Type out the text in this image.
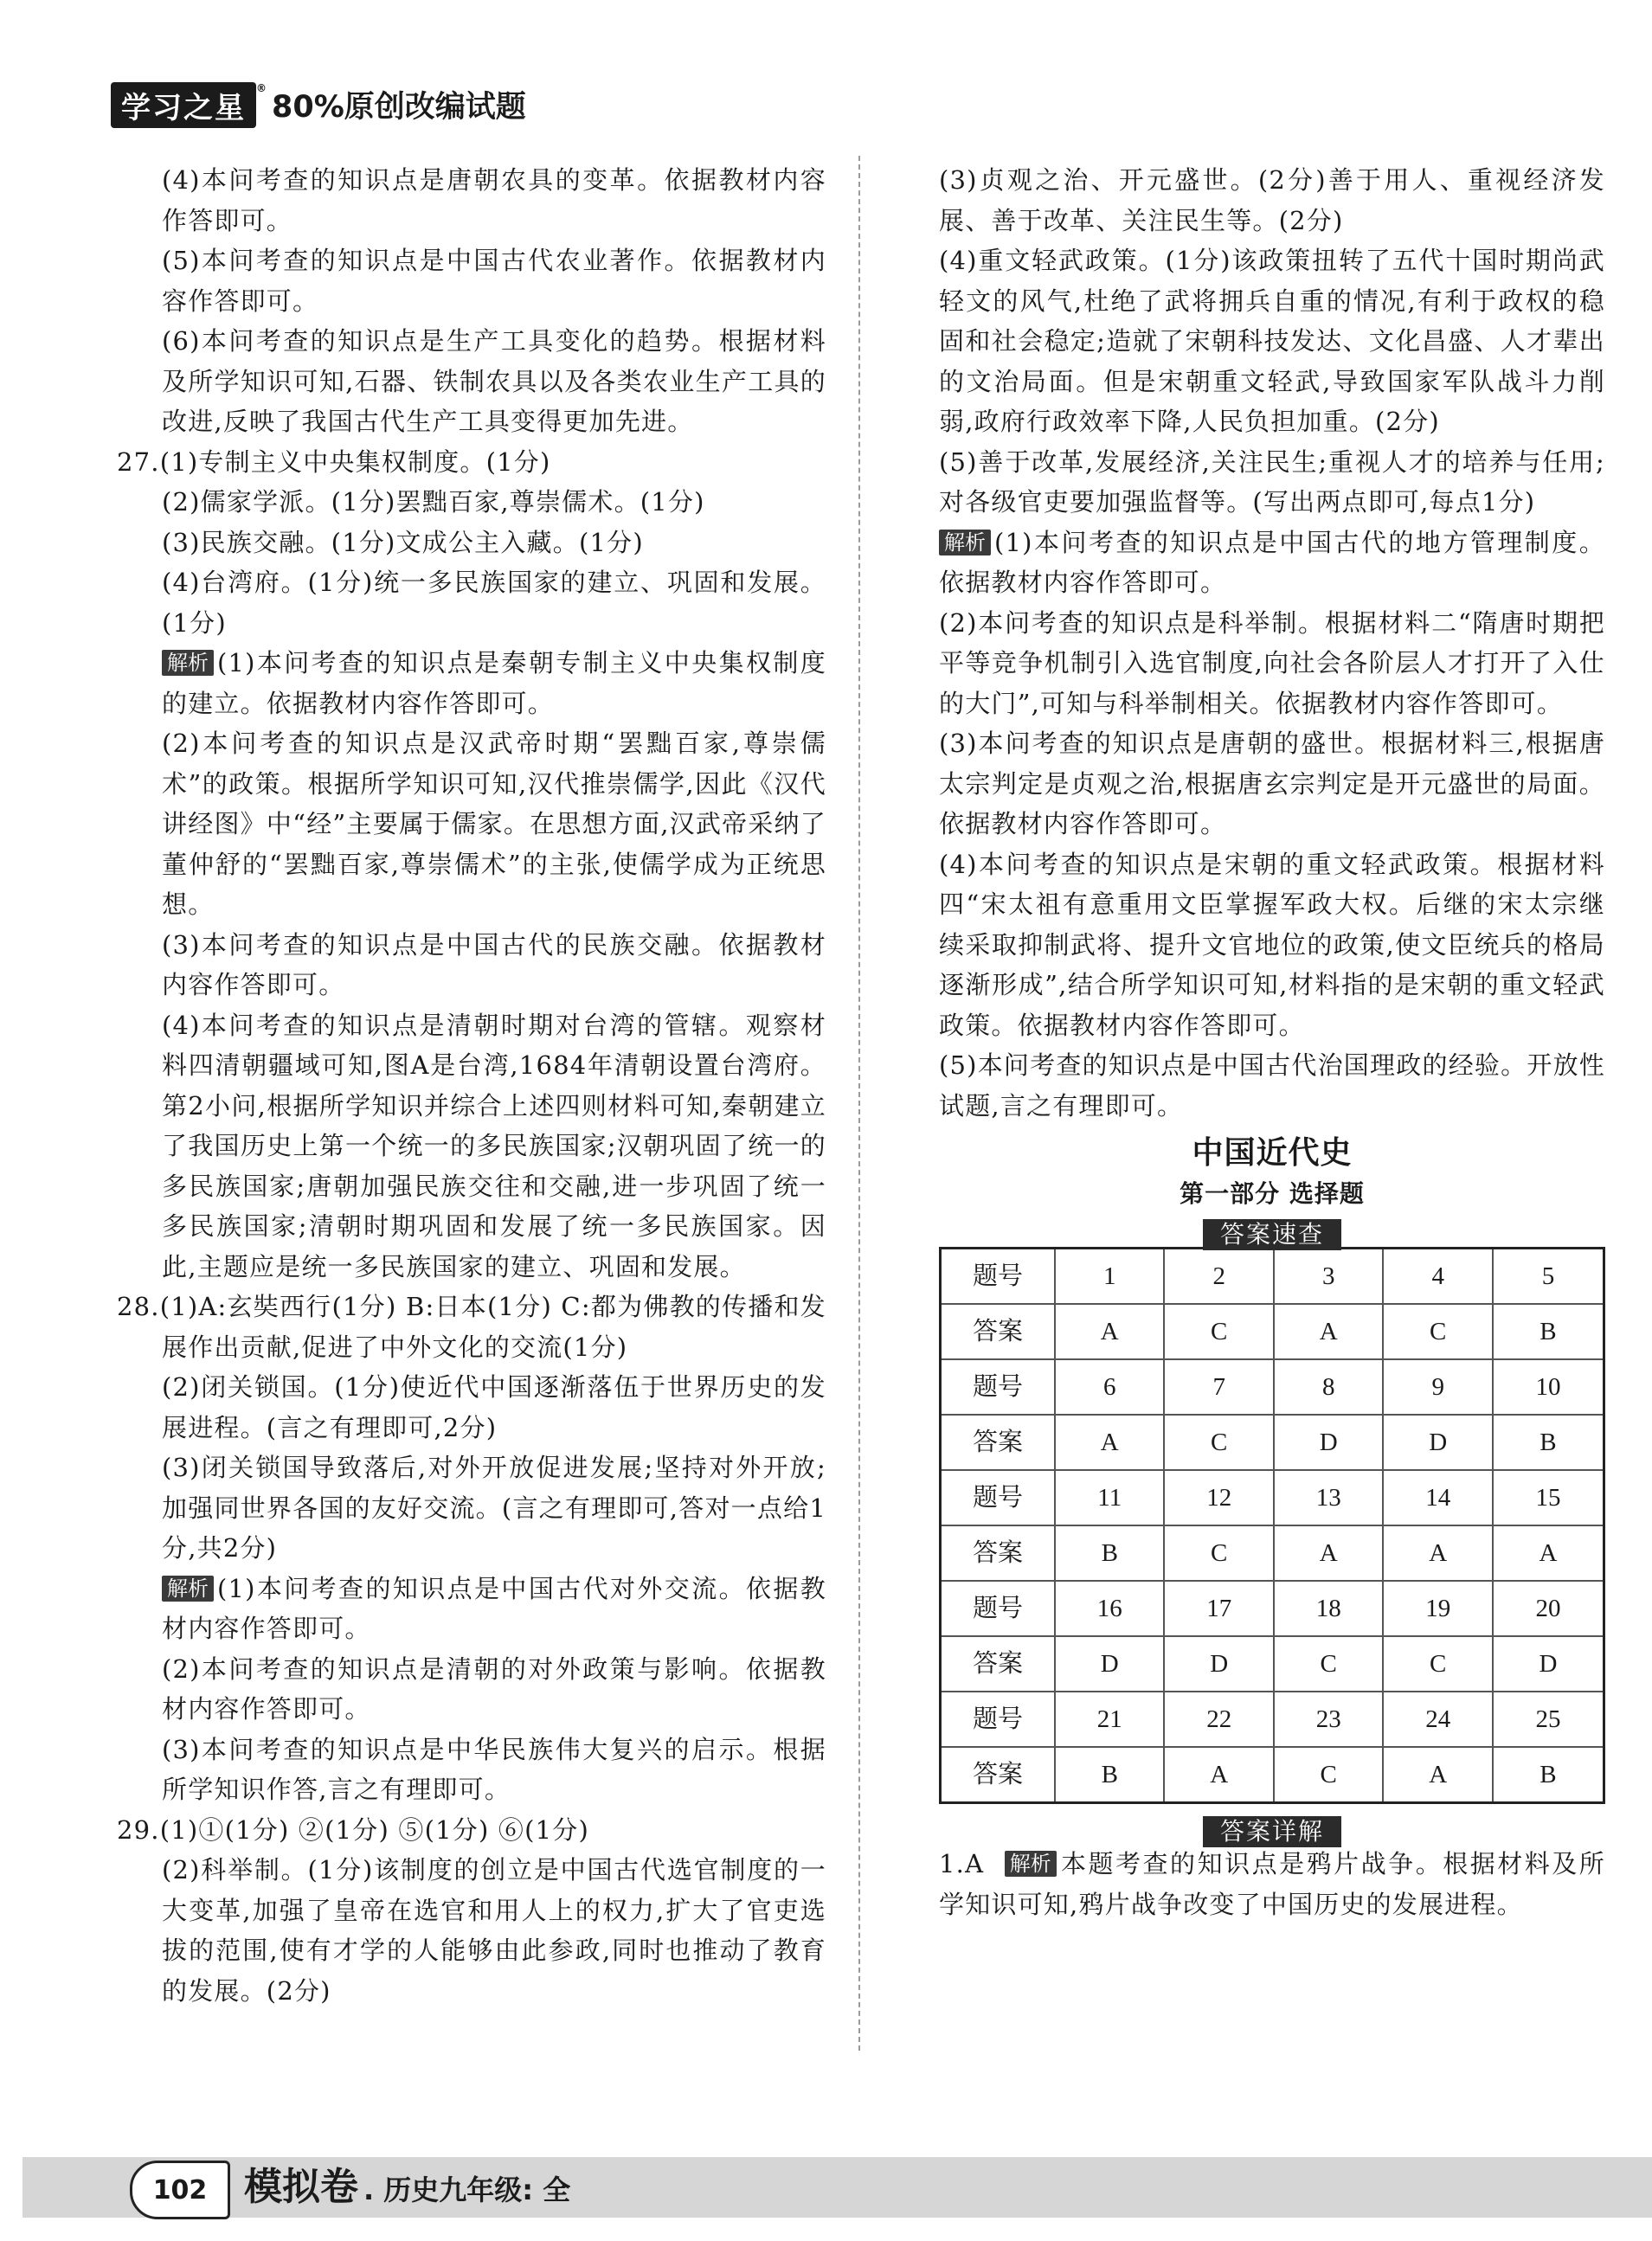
学习之星
®
80%原创改编试题

(4)本问考查的知识点是唐朝农具的变革。依据教材内容作答即可。

(5)本问考查的知识点是中国古代农业著作。依据教材内容作答即可。

(6)本问考查的知识点是生产工具变化的趋势。根据材料及所学知识可知,石器、铁制农具以及各类农业生产工具的改进,反映了我国古代生产工具变得更加先进。

27.(1)专制主义中央集权制度。(1分)

(2)儒家学派。(1分)罢黜百家,尊崇儒术。(1分)

(3)民族交融。(1分)文成公主入藏。(1分)

(4)台湾府。(1分)统一多民族国家的建立、巩固和发展。(1分)

解析 (1)本问考查的知识点是秦朝专制主义中央集权制度的建立。依据教材内容作答即可。

(2)本问考查的知识点是汉武帝时期“罢黜百家,尊崇儒术”的政策。根据所学知识可知,汉代推崇儒学,因此《汉代讲经图》中“经”主要属于儒家。在思想方面,汉武帝采纳了董仲舒的“罢黜百家,尊崇儒术”的主张,使儒学成为正统思想。

(3)本问考查的知识点是中国古代的民族交融。依据教材内容作答即可。

(4)本问考查的知识点是清朝时期对台湾的管辖。观察材料四清朝疆域可知,图A是台湾,1684年清朝设置台湾府。第2小问,根据所学知识并综合上述四则材料可知,秦朝建立了我国历史上第一个统一的多民族国家;汉朝巩固了统一的多民族国家;唐朝加强民族交往和交融,进一步巩固了统一多民族国家;清朝时期巩固和发展了统一多民族国家。因此,主题应是统一多民族国家的建立、巩固和发展。

28.(1)A:玄奘西行(1分) B:日本(1分) C:都为佛教的传播和发展作出贡献,促进了中外文化的交流(1分)

(2)闭关锁国。(1分)使近代中国逐渐落伍于世界历史的发展进程。(言之有理即可,2分)

(3)闭关锁国导致落后,对外开放促进发展;坚持对外开放;加强同世界各国的友好交流。(言之有理即可,答对一点给1分,共2分)

解析 (1)本问考查的知识点是中国古代对外交流。依据教材内容作答即可。

(2)本问考查的知识点是清朝的对外政策与影响。依据教材内容作答即可。

(3)本问考查的知识点是中华民族伟大复兴的启示。根据所学知识作答,言之有理即可。

29.(1)①(1分) ②(1分) ⑤(1分) ⑥(1分)

(2)科举制。(1分)该制度的创立是中国古代选官制度的一大变革,加强了皇帝在选官和用人上的权力,扩大了官吏选拔的范围,使有才学的人能够由此参政,同时也推动了教育的发展。(2分)

(3)贞观之治、开元盛世。(2分)善于用人、重视经济发展、善于改革、关注民生等。(2分)

(4)重文轻武政策。(1分)该政策扭转了五代十国时期尚武轻文的风气,杜绝了武将拥兵自重的情况,有利于政权的稳固和社会稳定;造就了宋朝科技发达、文化昌盛、人才辈出的文治局面。但是宋朝重文轻武,导致国家军队战斗力削弱,政府行政效率下降,人民负担加重。(2分)

(5)善于改革,发展经济,关注民生;重视人才的培养与任用;对各级官吏要加强监督等。(写出两点即可,每点1分)

解析 (1)本问考查的知识点是中国古代的地方管理制度。依据教材内容作答即可。

(2)本问考查的知识点是科举制。根据材料二“隋唐时期把平等竞争机制引入选官制度,向社会各阶层人才打开了入仕的大门”,可知与科举制相关。依据教材内容作答即可。

(3)本问考查的知识点是唐朝的盛世。根据材料三,根据唐太宗判定是贞观之治,根据唐玄宗判定是开元盛世的局面。依据教材内容作答即可。

(4)本问考查的知识点是宋朝的重文轻武政策。根据材料四“宋太祖有意重用文臣掌握军政大权。后继的宋太宗继续采取抑制武将、提升文官地位的政策,使文臣统兵的格局逐渐形成”,结合所学知识可知,材料指的是宋朝的重文轻武政策。依据教材内容作答即可。

(5)本问考查的知识点是中国古代治国理政的经验。开放性试题,言之有理即可。

中国近代史
第一部分 选择题
答案速查
题号	1	2	3	4	5
答案	A	C	A	C	B
题号	6	7	8	9	10
答案	A	C	D	D	B
题号	11	12	13	14	15
答案	B	C	A	A	A
题号	16	17	18	19	20
答案	D	D	C	C	D
题号	21	22	23	24	25
答案	B	A	C	A	B
答案详解

1.A 解析 本题考查的知识点是鸦片战争。根据材料及所学知识可知,鸦片战争改变了中国历史的发展进程。

102 模拟卷 . 历史九年级: 全
